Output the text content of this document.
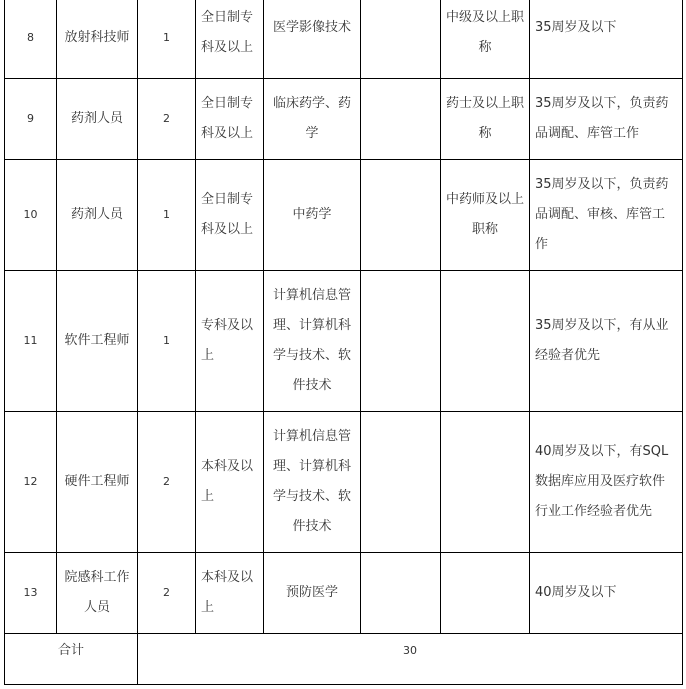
8	放射科技师	1	全日制专科及以上	医学影像技术		中级及以上职称	35周岁及以下
9	药剂人员	2	全日制专科及以上	临床药学、药学		药士及以上职称	35周岁及以下，负责药品调配、库管工作
10	药剂人员	1	全日制专科及以上	中药学		中药师及以上职称	35周岁及以下，负责药品调配、审核、库管工作
11	软件工程师	1	专科及以上	计算机信息管理、计算机科学与技术、软件技术			35周岁及以下，有从业经验者优先
12	硬件工程师	2	本科及以上	计算机信息管理、计算机科学与技术、软件技术			40周岁及以下，有SQL数据库应用及医疗软件行业工作经验者优先
13	院感科工作人员	2	本科及以上	预防医学			40周岁及以下
合计		30					
